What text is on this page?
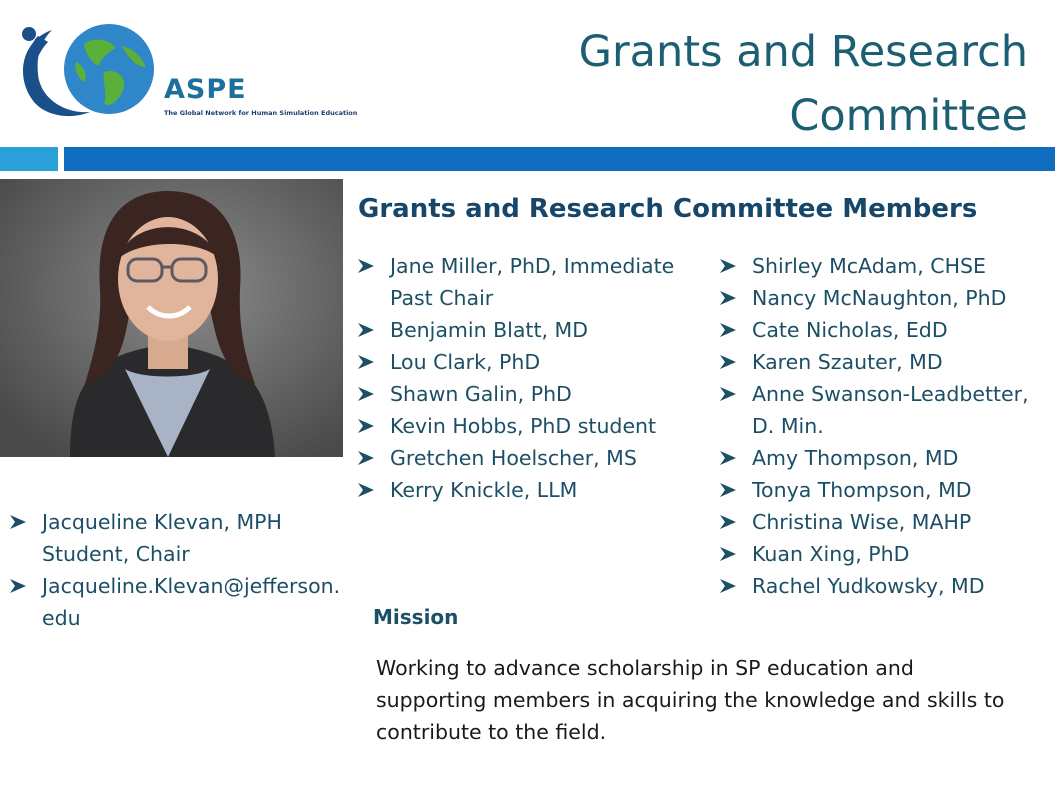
ASPE
The Global Network for Human Simulation Education
Grants and Research
Committee
Grants and Research Committee Members
Jane Miller, PhD, Immediate Past Chair
Benjamin Blatt, MD
Lou Clark, PhD
Shawn Galin, PhD
Kevin Hobbs, PhD student
Gretchen Hoelscher, MS
Kerry Knickle, LLM
Shirley McAdam, CHSE
Nancy McNaughton, PhD
Cate Nicholas, EdD
Karen Szauter, MD
Anne Swanson-Leadbetter, D. Min.
Amy Thompson, MD
Tonya Thompson, MD
Christina Wise, MAHP
Kuan Xing, PhD
Rachel Yudkowsky, MD
Jacqueline Klevan, MPH Student, Chair
Jacqueline.Klevan@jefferson.edu	Mission
Working to advance scholarship in SP education and supporting members in acquiring the knowledge and skills to contribute to the field.
